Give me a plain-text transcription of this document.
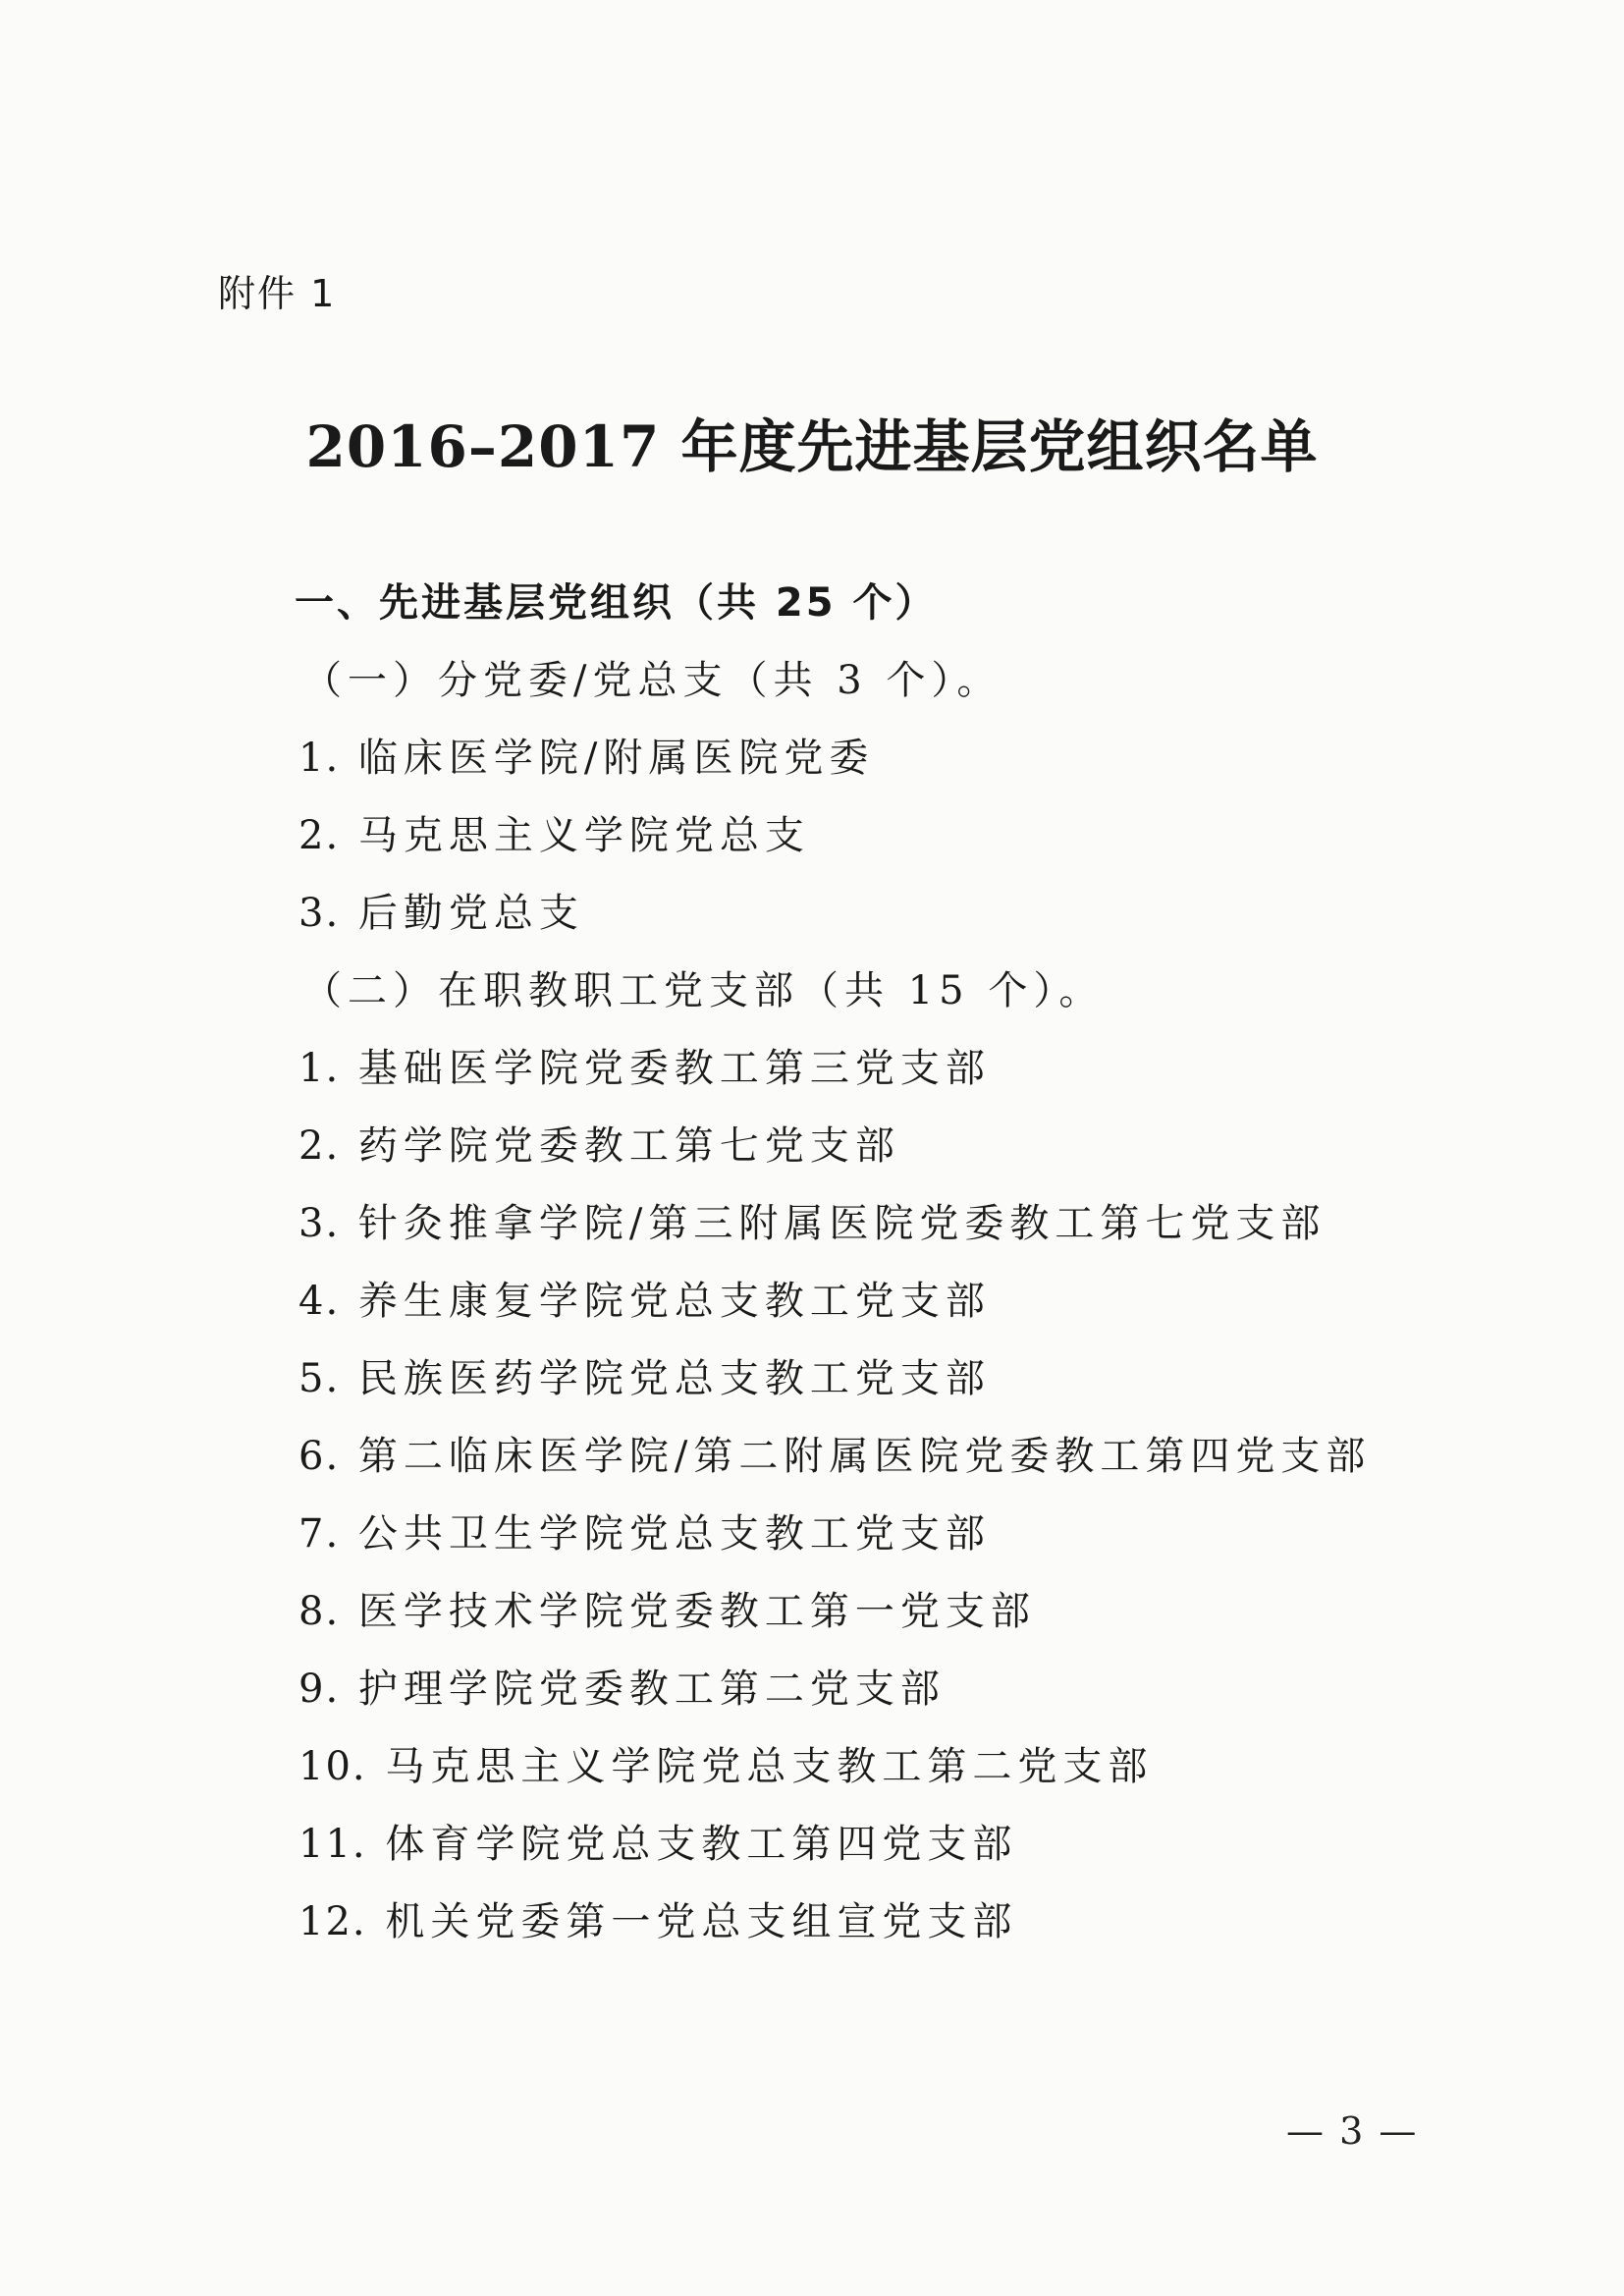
附件 1
2016–2017 年度先进基层党组织名单
一、先进基层党组织（共 25 个）
（一）分党委/党总支（共 3 个）。
1. 临床医学院/附属医院党委
2. 马克思主义学院党总支
3. 后勤党总支
（二）在职教职工党支部（共 15 个）。
1. 基础医学院党委教工第三党支部
2. 药学院党委教工第七党支部
3. 针灸推拿学院/第三附属医院党委教工第七党支部
4. 养生康复学院党总支教工党支部
5. 民族医药学院党总支教工党支部
6. 第二临床医学院/第二附属医院党委教工第四党支部
7. 公共卫生学院党总支教工党支部
8. 医学技术学院党委教工第一党支部
9. 护理学院党委教工第二党支部
10. 马克思主义学院党总支教工第二党支部
11. 体育学院党总支教工第四党支部
12. 机关党委第一党总支组宣党支部
— 3 —
